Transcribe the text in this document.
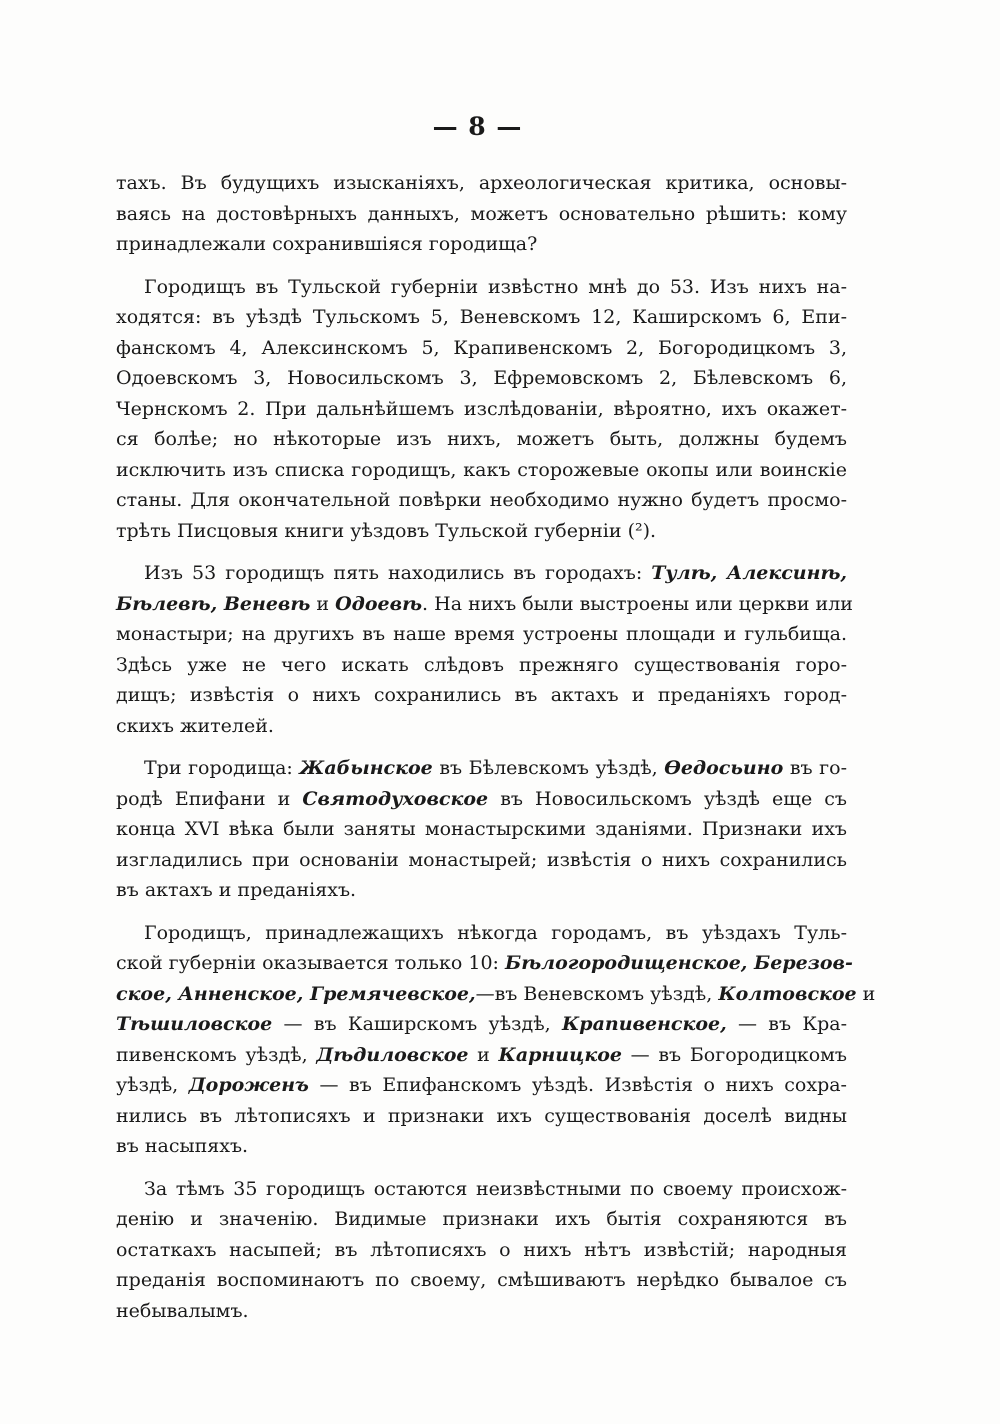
— 8 —
тахъ. Въ будущихъ изысканiяхъ, археологическая критика, основы-
ваясь на достовѣрныхъ данныхъ, можетъ основательно рѣшить: кому
принадлежали сохранившiяся городища?
Городищъ въ Тульской губернiи извѣстно мнѣ до 53. Изъ нихъ на-
ходятся: въ уѣздѣ Тульскомъ 5, Веневскомъ 12, Каширскомъ 6, Епи-
фанскомъ 4, Алексинскомъ 5, Крапивенскомъ 2, Богородицкомъ 3,
Одоевскомъ 3, Новосильскомъ 3, Ефремовскомъ 2, Бѣлевскомъ 6,
Чернскомъ 2. При дальнѣйшемъ изслѣдованiи, вѣроятно, ихъ окажет-
ся болѣе; но нѣкоторые изъ нихъ, можетъ быть, должны будемъ
исключить изъ списка городищъ, какъ сторожевые окопы или воинскiе
станы. Для окончательной повѣрки необходимо нужно будетъ просмо-
трѣть Писцовыя книги уѣздовъ Тульской губернiи (²).
Изъ 53 городищъ пять находились въ городахъ: Тулѣ, Алексинѣ,
Бѣлевѣ, Веневѣ и Одоевѣ. На нихъ были выстроены или церкви или
монастыри; на другихъ въ наше время устроены площади и гульбища.
Здѣсь уже не чего искать слѣдовъ прежняго существованiя горо-
дищъ; извѣстiя о нихъ сохранились въ актахъ и преданiяхъ город-
скихъ жителей.
Три городища: Жабынское въ Бѣлевскомъ уѣздѣ, Ѳедосьино въ го-
родѣ Епифани и Святодуховское въ Новосильскомъ уѣздѣ еще съ
конца XVI вѣка были заняты монастырскими зданiями. Признаки ихъ
изгладились при основанiи монастырей; извѣстiя о нихъ сохранились
въ актахъ и преданiяхъ.
Городищъ, принадлежащихъ нѣкогда городамъ, въ уѣздахъ Туль-
ской губернiи оказывается только 10: Бѣлогородищенское, Березов-
ское, Анненское, Гремячевское,—въ Веневскомъ уѣздѣ, Колтовское и
Тѣшиловское — въ Каширскомъ уѣздѣ, Крапивенское, — въ Кра-
пивенскомъ уѣздѣ, Дѣдиловское и Карницкое — въ Богородицкомъ
уѣздѣ, Дороженъ — въ Епифанскомъ уѣздѣ. Извѣстiя о нихъ сохра-
нились въ лѣтописяхъ и признаки ихъ существованiя доселѣ видны
въ насыпяхъ.
За тѣмъ 35 городищъ остаются неизвѣстными по своему происхож-
денiю и значенiю. Видимые признаки ихъ бытiя сохраняются въ
остаткахъ насыпей; въ лѣтописяхъ о нихъ нѣтъ извѣстiй; народныя
преданiя воспоминаютъ по своему, смѣшиваютъ нерѣдко бывалое съ
небывалымъ.
